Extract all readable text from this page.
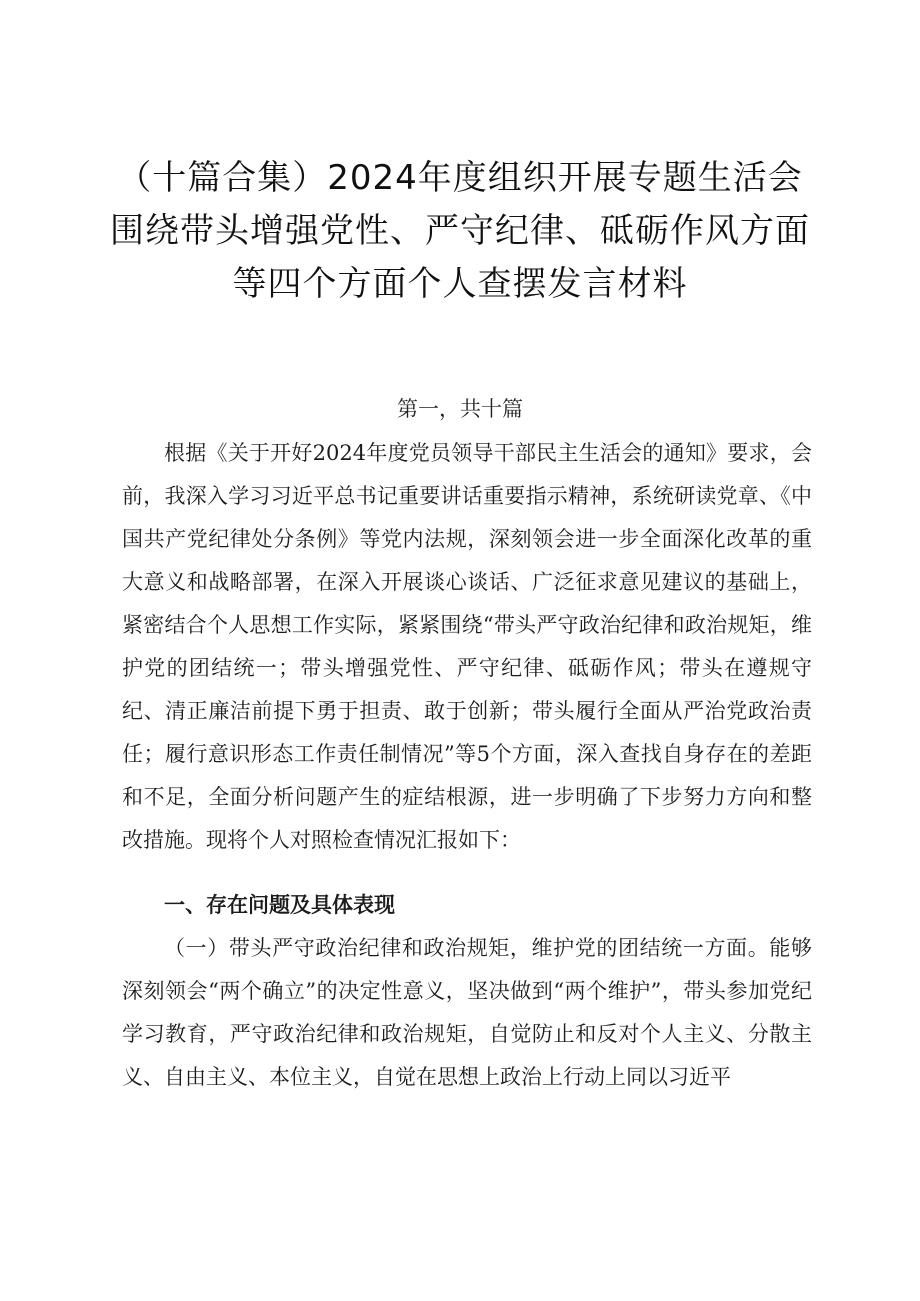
（十篇合集）2024年度组织开展专题生活会
围绕带头增强党性、严守纪律、砥砺作风方面
等四个方面个人查摆发言材料
第一，共十篇

根据《关于开好2024年度党员领导干部民主生活会的通知》要求，会前，我深入学习习近平总书记重要讲话重要指示精神，系统研读党章、《中国共产党纪律处分条例》等党内法规，深刻领会进一步全面深化改革的重大意义和战略部署，在深入开展谈心谈话、广泛征求意见建议的基础上，紧密结合个人思想工作实际，紧紧围绕“带头严守政治纪律和政治规矩，维护党的团结统一；带头增强党性、严守纪律、砥砺作风；带头在遵规守纪、清正廉洁前提下勇于担责、敢于创新；带头履行全面从严治党政治责任；履行意识形态工作责任制情况”等5个方面，深入查找自身存在的差距和不足，全面分析问题产生的症结根源，进一步明确了下步努力方向和整改措施。现将个人对照检查情况汇报如下：

一、存在问题及具体表现

（一）带头严守政治纪律和政治规矩，维护党的团结统一方面。能够深刻领会“两个确立”的决定性意义，坚决做到“两个维护”，带头参加党纪学习教育，严守政治纪律和政治规矩，自觉防止和反对个人主义、分散主义、自由主义、本位主义，自觉在思想上政治上行动上同以习近平
